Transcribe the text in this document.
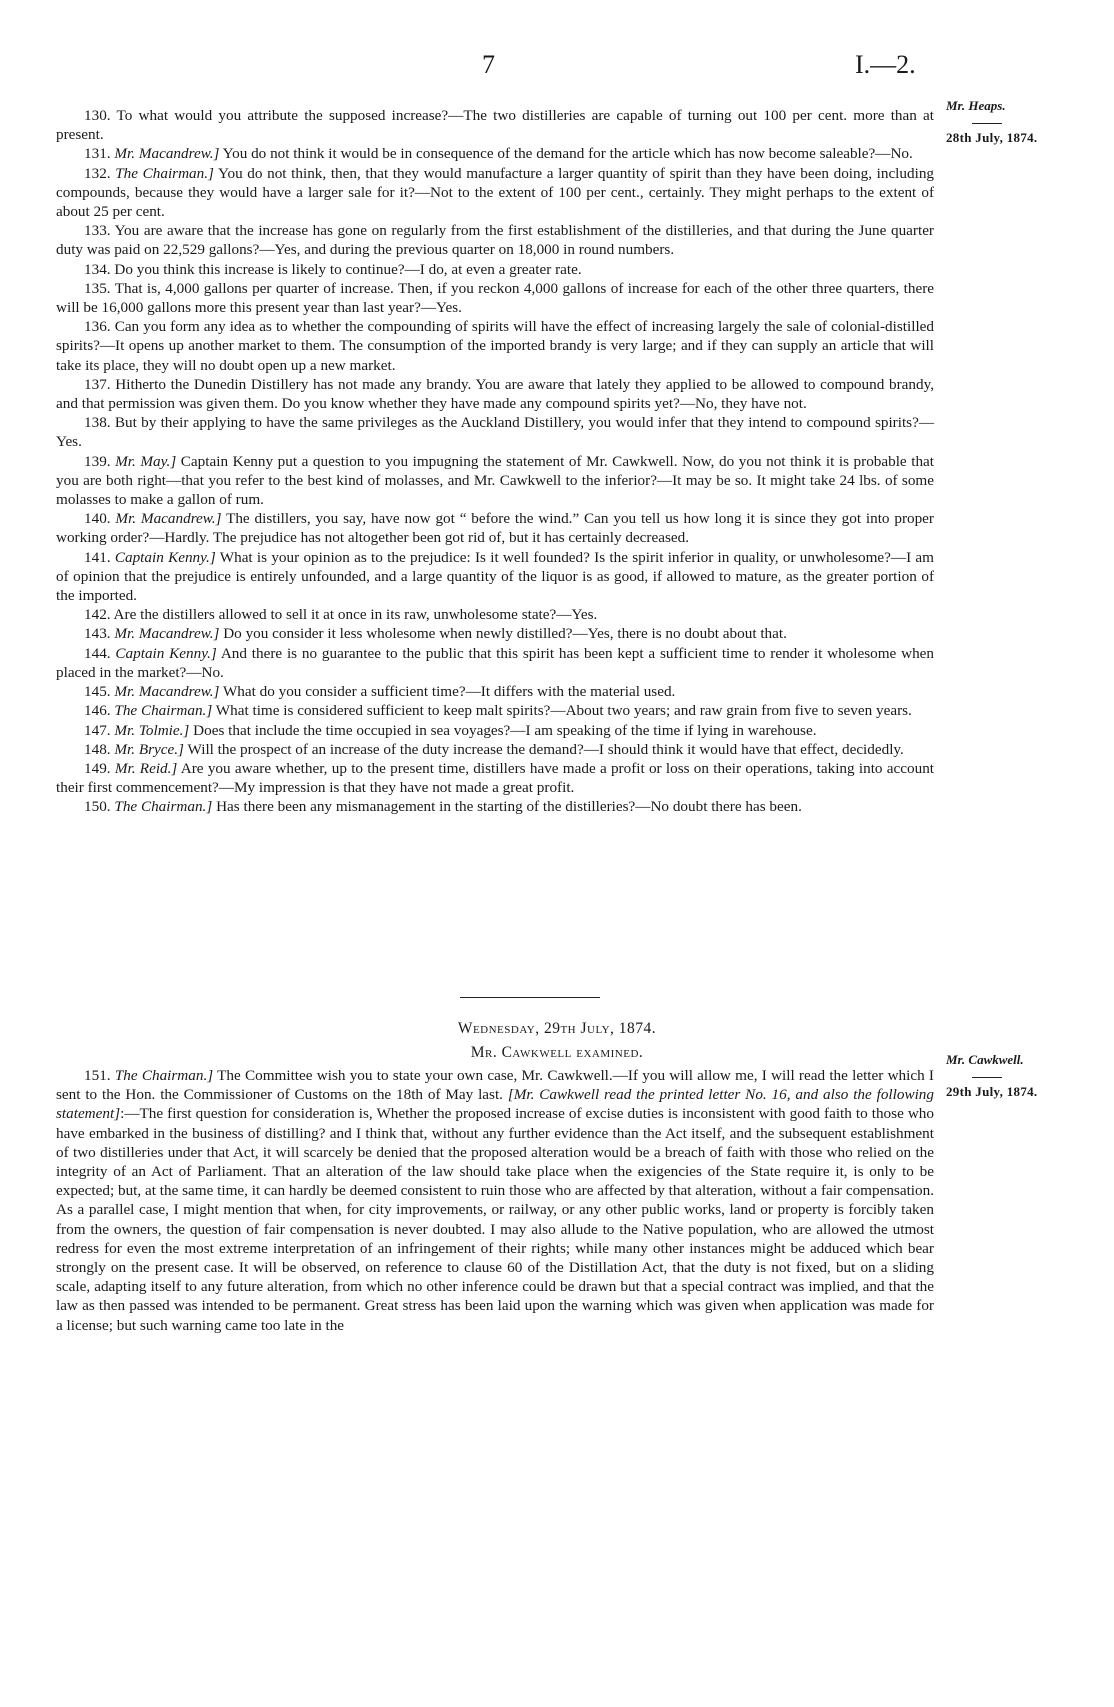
7	I.—2.
Mr. Heaps.
28th July, 1874.

130. To what would you attribute the supposed increase?—The two distilleries are capable of turning out 100 per cent. more than at present.

131. Mr. Macandrew.] You do not think it would be in consequence of the demand for the article which has now become saleable?—No.

132. The Chairman.] You do not think, then, that they would manufacture a larger quantity of spirit than they have been doing, including compounds, because they would have a larger sale for it?—Not to the extent of 100 per cent., certainly. They might perhaps to the extent of about 25 per cent.

133. You are aware that the increase has gone on regularly from the first establishment of the distilleries, and that during the June quarter duty was paid on 22,529 gallons?—Yes, and during the previous quarter on 18,000 in round numbers.

134. Do you think this increase is likely to continue?—I do, at even a greater rate.

135. That is, 4,000 gallons per quarter of increase. Then, if you reckon 4,000 gallons of increase for each of the other three quarters, there will be 16,000 gallons more this present year than last year?—Yes.

136. Can you form any idea as to whether the compounding of spirits will have the effect of increasing largely the sale of colonial-distilled spirits?—It opens up another market to them. The consumption of the imported brandy is very large; and if they can supply an article that will take its place, they will no doubt open up a new market.

137. Hitherto the Dunedin Distillery has not made any brandy. You are aware that lately they applied to be allowed to compound brandy, and that permission was given them. Do you know whether they have made any compound spirits yet?—No, they have not.

138. But by their applying to have the same privileges as the Auckland Distillery, you would infer that they intend to compound spirits?—Yes.

139. Mr. May.] Captain Kenny put a question to you impugning the statement of Mr. Cawkwell. Now, do you not think it is probable that you are both right—that you refer to the best kind of molasses, and Mr. Cawkwell to the inferior?—It may be so. It might take 24 lbs. of some molasses to make a gallon of rum.

140. Mr. Macandrew.] The distillers, you say, have now got “ before the wind.” Can you tell us how long it is since they got into proper working order?—Hardly. The prejudice has not altogether been got rid of, but it has certainly decreased.

141. Captain Kenny.] What is your opinion as to the prejudice: Is it well founded? Is the spirit inferior in quality, or unwholesome?—I am of opinion that the prejudice is entirely unfounded, and a large quantity of the liquor is as good, if allowed to mature, as the greater portion of the imported.

142. Are the distillers allowed to sell it at once in its raw, unwholesome state?—Yes.

143. Mr. Macandrew.] Do you consider it less wholesome when newly distilled?—Yes, there is no doubt about that.

144. Captain Kenny.] And there is no guarantee to the public that this spirit has been kept a sufficient time to render it wholesome when placed in the market?—No.

145. Mr. Macandrew.] What do you consider a sufficient time?—It differs with the material used.

146. The Chairman.] What time is considered sufficient to keep malt spirits?—About two years; and raw grain from five to seven years.

147. Mr. Tolmie.] Does that include the time occupied in sea voyages?—I am speaking of the time if lying in warehouse.

148. Mr. Bryce.] Will the prospect of an increase of the duty increase the demand?—I should think it would have that effect, decidedly.

149. Mr. Reid.] Are you aware whether, up to the present time, distillers have made a profit or loss on their operations, taking into account their first commencement?—My impression is that they have not made a great profit.

150. The Chairman.] Has there been any mismanagement in the starting of the distilleries?—No doubt there has been.

Wednesday, 29th July, 1874.
Mr. Cawkwell examined.	Mr. Cawkwell.
29th July, 1874.

151. The Chairman.] The Committee wish you to state your own case, Mr. Cawkwell.—If you will allow me, I will read the letter which I sent to the Hon. the Commissioner of Customs on the 18th of May last. [Mr. Cawkwell read the printed letter No. 16, and also the following statement]:—The first question for consideration is, Whether the proposed increase of excise duties is inconsistent with good faith to those who have embarked in the business of distilling? and I think that, without any further evidence than the Act itself, and the subsequent establishment of two distilleries under that Act, it will scarcely be denied that the proposed alteration would be a breach of faith with those who relied on the integrity of an Act of Parliament. That an alteration of the law should take place when the exigencies of the State require it, is only to be expected; but, at the same time, it can hardly be deemed consistent to ruin those who are affected by that alteration, without a fair compensation. As a parallel case, I might mention that when, for city improvements, or railway, or any other public works, land or property is forcibly taken from the owners, the question of fair compensation is never doubted. I may also allude to the Native population, who are allowed the utmost redress for even the most extreme interpretation of an infringement of their rights; while many other instances might be adduced which bear strongly on the present case. It will be observed, on reference to clause 60 of the Distillation Act, that the duty is not fixed, but on a sliding scale, adapting itself to any future alteration, from which no other inference could be drawn but that a special contract was implied, and that the law as then passed was intended to be permanent. Great stress has been laid upon the warning which was given when application was made for a license; but such warning came too late in the
